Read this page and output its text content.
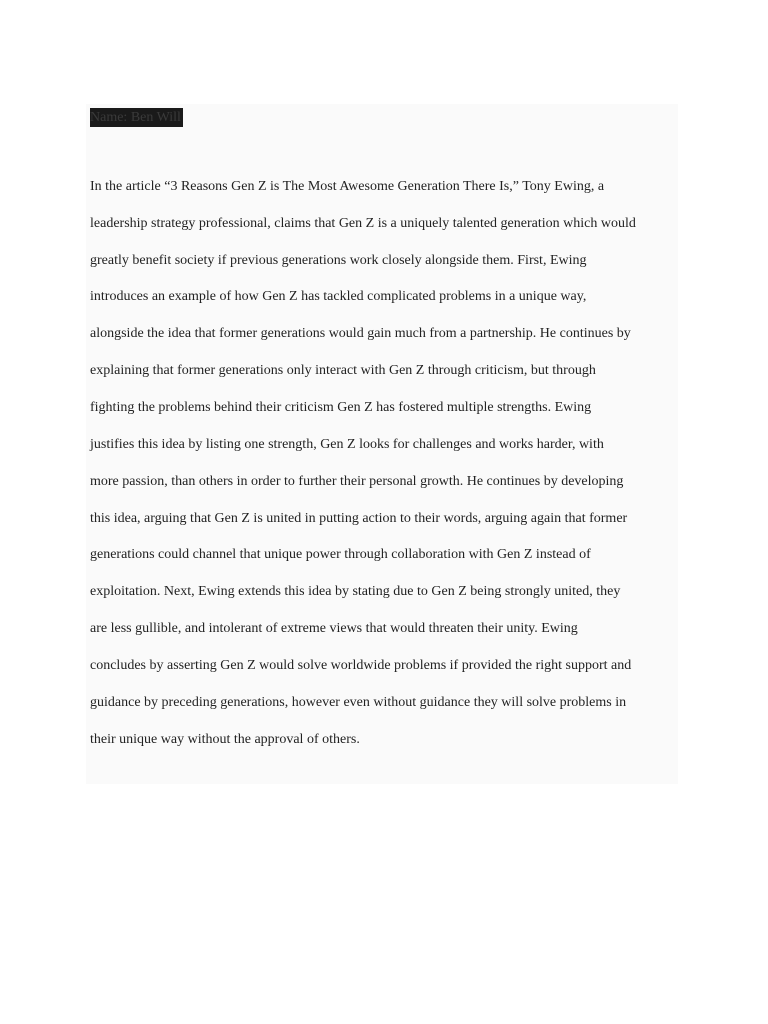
Name: Ben Will
In the article “3 Reasons Gen Z is The Most Awesome Generation There Is,” Tony Ewing, a
leadership strategy professional, claims that Gen Z is a uniquely talented generation which would
greatly benefit society if previous generations work closely alongside them. First, Ewing
introduces an example of how Gen Z has tackled complicated problems in a unique way,
alongside the idea that former generations would gain much from a partnership. He continues by
explaining that former generations only interact with Gen Z through criticism, but through
fighting the problems behind their criticism Gen Z has fostered multiple strengths. Ewing
justifies this idea by listing one strength, Gen Z looks for challenges and works harder, with
more passion, than others in order to further their personal growth. He continues by developing
this idea, arguing that Gen Z is united in putting action to their words, arguing again that former
generations could channel that unique power through collaboration with Gen Z instead of
exploitation. Next, Ewing extends this idea by stating due to Gen Z being strongly united, they
are less gullible, and intolerant of extreme views that would threaten their unity. Ewing
concludes by asserting Gen Z would solve worldwide problems if provided the right support and
guidance by preceding generations, however even without guidance they will solve problems in
their unique way without the approval of others.
